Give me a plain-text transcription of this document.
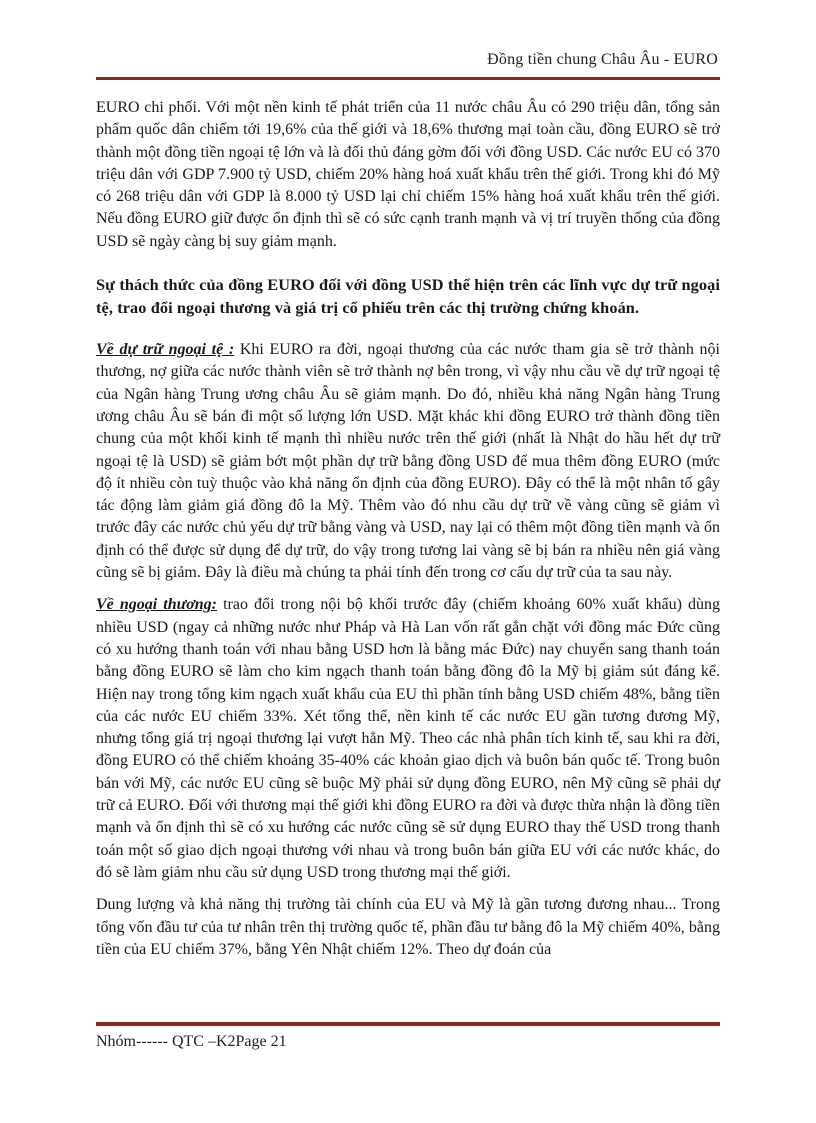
Đồng tiền chung Châu Âu - EURO

EURO chi phối. Với một nền kinh tế phát triển của 11 nước châu Âu có 290 triệu dân, tổng sản phẩm quốc dân chiếm tới 19,6% của thế giới và 18,6% thương mại toàn cầu, đồng EURO sẽ trở thành một đồng tiền ngoại tệ lớn và là đối thủ đáng gờm đối với đồng USD. Các nước EU có 370 triệu dân với GDP 7.900 tỷ USD, chiếm 20% hàng hoá xuất khẩu trên thế giới. Trong khi đó Mỹ có 268 triệu dân với GDP là 8.000 tỷ USD lại chỉ chiếm 15% hàng hoá xuất khẩu trên thế giới. Nếu đồng EURO giữ được ổn định thì sẽ có sức cạnh tranh mạnh và vị trí truyền thống của đồng USD sẽ ngày càng bị suy giảm mạnh.

Sự thách thức của đồng EURO đối với đồng USD thể hiện trên các lĩnh vực dự trữ ngoại tệ, trao đổi ngoại thương và giá trị cổ phiếu trên các thị trường chứng khoán.

Về dự trữ ngoại tệ : Khi EURO ra đời, ngoại thương của các nước tham gia sẽ trở thành nội thương, nợ giữa các nước thành viên sẽ trở thành nợ bên trong, vì vậy nhu cầu về dự trữ ngoại tệ của Ngân hàng Trung ương châu Âu sẽ giảm mạnh. Do đó, nhiều khả năng Ngân hàng Trung ương châu Âu sẽ bán đi một số lượng lớn USD. Mặt khác khi đồng EURO trở thành đồng tiền chung của một khối kinh tế mạnh thì nhiều nước trên thế giới (nhất là Nhật do hầu hết dự trữ ngoại tệ là USD) sẽ giảm bớt một phần dự trữ bằng đồng USD để mua thêm đồng EURO (mức độ ít nhiều còn tuỳ thuộc vào khả năng ổn định của đồng EURO). Đây có thể là một nhân tố gây tác động làm giảm giá đồng đô la Mỹ. Thêm vào đó nhu cầu dự trữ về vàng cũng sẽ giảm vì trước đây các nước chủ yếu dự trữ bằng vàng và USD, nay lại có thêm một đồng tiền mạnh và ổn định có thể được sử dụng để dự trữ, do vậy trong tương lai vàng sẽ bị bán ra nhiều nên giá vàng cũng sẽ bị giảm. Đây là điều mà chúng ta phải tính đến trong cơ cấu dự trữ của ta sau này.

Về ngoại thương: trao đổi trong nội bộ khối trước đây (chiếm khoảng 60% xuất khẩu) dùng nhiều USD (ngay cả những nước như Pháp và Hà Lan vốn rất gắn chặt với đồng mác Đức cũng có xu hướng thanh toán với nhau bằng USD hơn là bằng mác Đức) nay chuyển sang thanh toán bằng đồng EURO sẽ làm cho kim ngạch thanh toán bằng đồng đô la Mỹ bị giảm sút đáng kể. Hiện nay trong tổng kim ngạch xuất khẩu của EU thì phần tính bằng USD chiếm 48%, bằng tiền của các nước EU chiếm 33%. Xét tổng thể, nền kinh tế các nước EU gần tương đương Mỹ, nhưng tổng giá trị ngoại thương lại vượt hẳn Mỹ. Theo các nhà phân tích kinh tế, sau khi ra đời, đồng EURO có thể chiếm khoảng 35-40% các khoản giao dịch và buôn bán quốc tế. Trong buôn bán với Mỹ, các nước EU cũng sẽ buộc Mỹ phải sử dụng đồng EURO, nên Mỹ cũng sẽ phải dự trữ cả EURO. Đối với thương mại thế giới khi đồng EURO ra đời và được thừa nhận là đồng tiền mạnh và ổn định thì sẽ có xu hướng các nước cũng sẽ sử dụng EURO thay thế USD trong thanh toán một số giao dịch ngoại thương với nhau và trong buôn bán giữa EU với các nước khác, do đó sẽ làm giảm nhu cầu sử dụng USD trong thương mại thế giới.

Dung lượng và khả năng thị trường tài chính của EU và Mỹ là gần tương đương nhau... Trong tổng vốn đầu tư của tư nhân trên thị trường quốc tế, phần đầu tư bằng đô la Mỹ chiếm 40%, bằng tiền của EU chiếm 37%, bằng Yên Nhật chiếm 12%. Theo dự đoán của

Nhóm------ QTC –K2Page 21
